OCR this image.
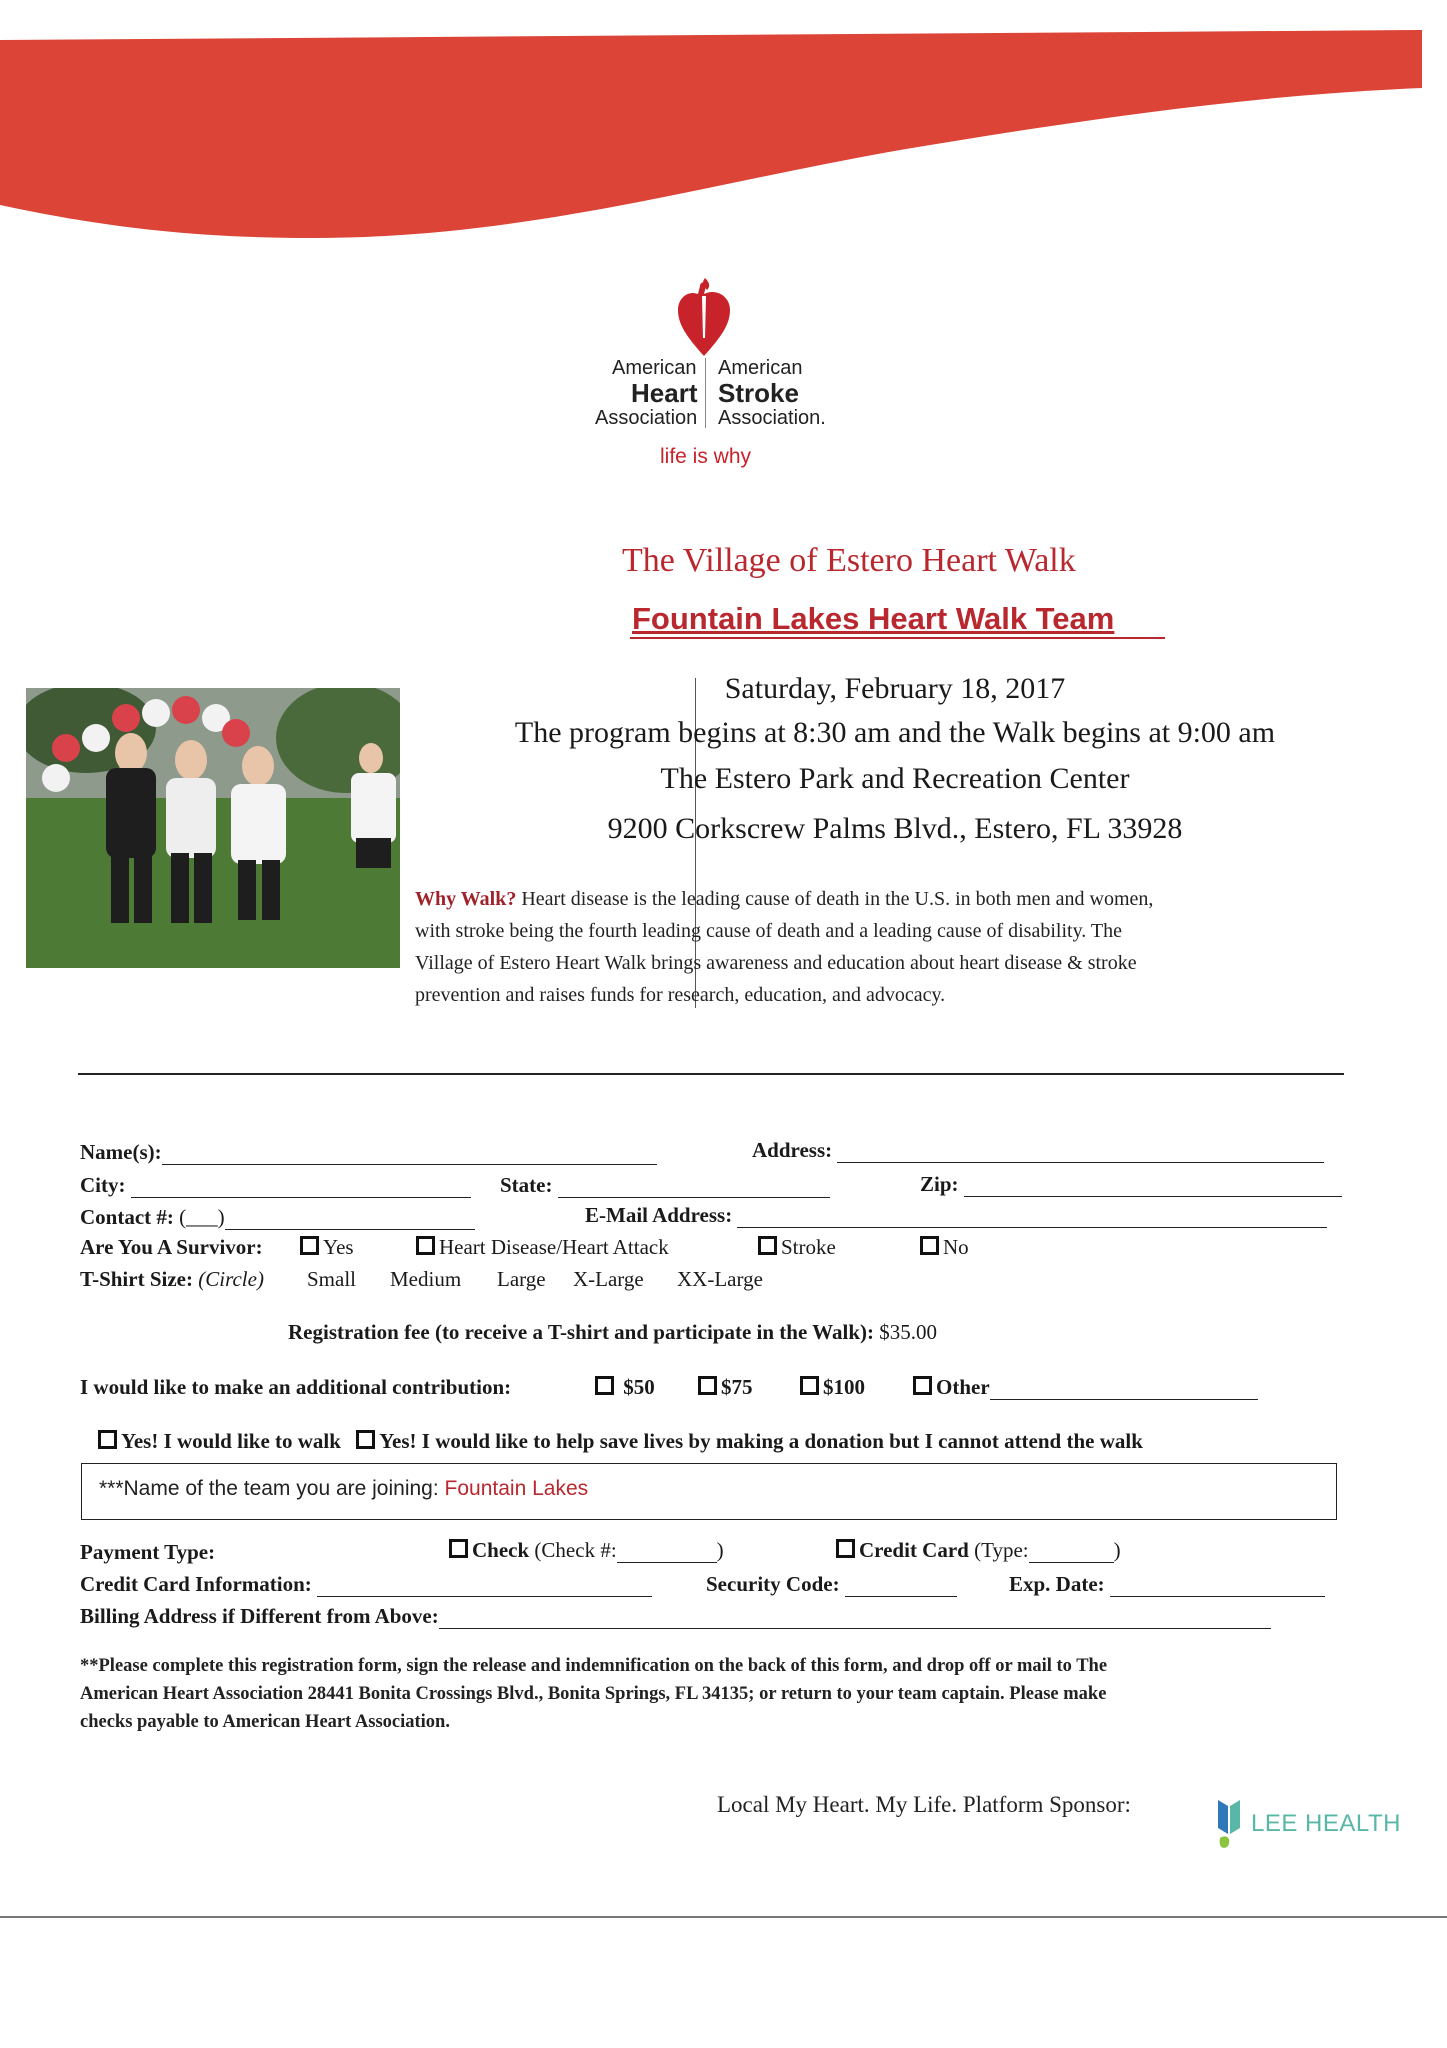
American
Heart
Association
American
Stroke
Association.
life is why
The Village of Estero Heart Walk
Fountain Lakes Heart Walk Team
Saturday, February 18, 2017
The program begins at 8:30 am and the Walk begins at 9:00 am
The Estero Park and Recreation Center
9200 Corkscrew Palms Blvd., Estero, FL 33928
Why Walk? Heart disease is the leading cause of death in the U.S. in both men and women,
with stroke being the fourth leading cause of death and a leading cause of disability. The
Village of Estero Heart Walk brings awareness and education about heart disease & stroke
prevention and raises funds for research, education, and advocacy.
Name(s):	Address:
City:	State:	Zip:
Contact #: (___)	E-Mail Address:
Are You A Survivor:	Yes	Heart Disease/Heart Attack	Stroke	No
T-Shirt Size: (Circle) Small Medium Large X-Large XX-Large
Registration fee (to receive a T-shirt and participate in the Walk): $35.00
I would like to make an additional contribution:	$50	$75	$100	Other
Yes! I would like to walk Yes! I would like to help save lives by making a donation but I cannot attend the walk
***Name of the team you are joining: Fountain Lakes
Payment Type:	Check (Check #:	)	Credit Card (Type:	)
Credit Card Information:	Security Code:	Exp. Date:
Billing Address if Different from Above:
**Please complete this registration form, sign the release and indemnification on the back of this form, and drop off or mail to The
American Heart Association 28441 Bonita Crossings Blvd., Bonita Springs, FL 34135; or return to your team captain. Please make
checks payable to American Heart Association.
Local My Heart. My Life. Platform Sponsor:
LEE HEALTH
